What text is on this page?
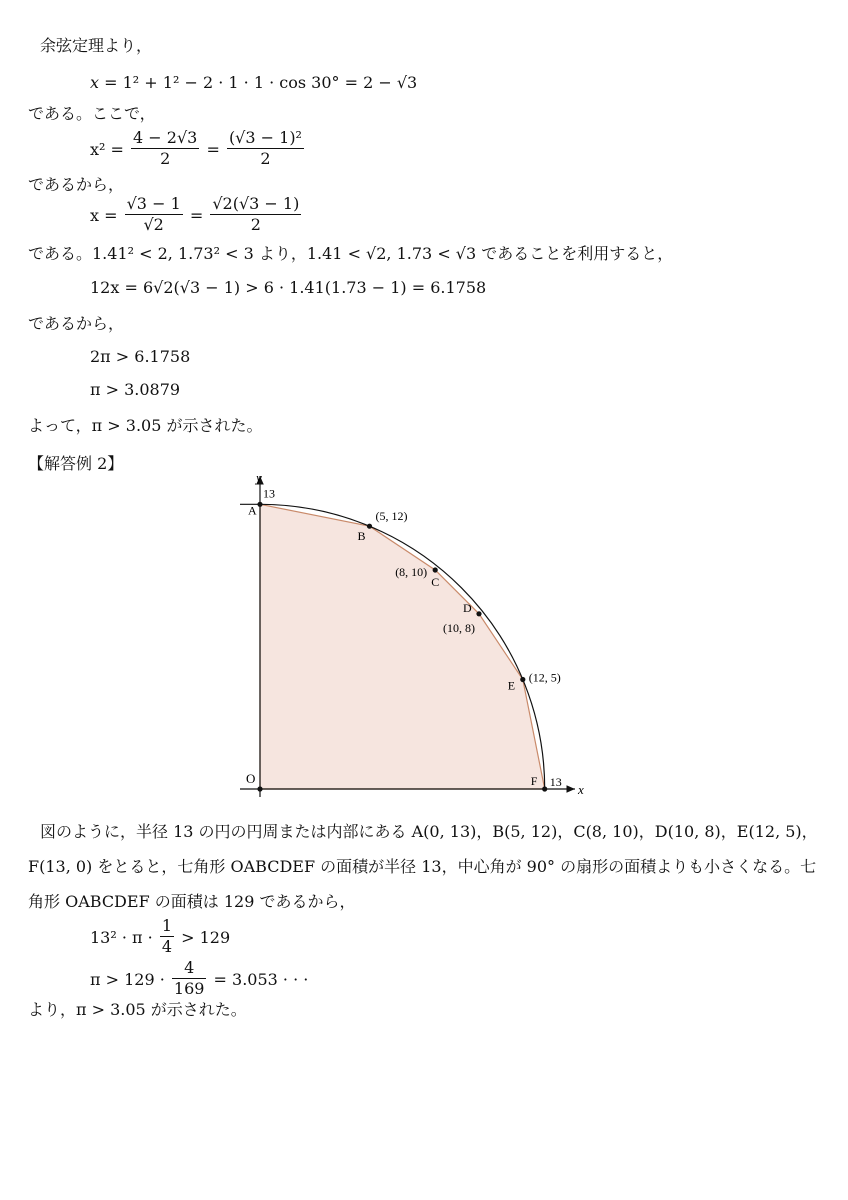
余弦定理より，
x = 1² + 1² − 2 · 1 · 1 · cos 30° = 2 − √3
である。ここで，
$x^2 = \frac{4 - 2√3}{2} = \frac{\text{(√3 − 1)²}}{2}$
であるから，
$x = \frac{√3 - 1}{√2} = \frac{√2(√3 - 1)}{2}$
である。1.41² < 2, 1.73² < 3 より，1.41 < √2, 1.73 < √3 であることを利用すると，
12x = 6√2(√3 − 1) > 6 · 1.41(1.73 − 1) = 6.1758
であるから，
2π > 6.1758
π > 3.0879
よって，π > 3.05 が示された。
【解答例 2】
x
y
O
13
13
A
B
(5, 12)
C
(8, 10)
D
(10, 8)
E
(12, 5)
F
図のように，半径 13 の円の円周または内部にある A(0, 13)，B(5, 12)，C(8, 10)，D(10, 8)，E(12, 5)，
F(13, 0) をとると，七角形 OABCDEF の面積が半径 13，中心角が 90° の扇形の面積よりも小さくなる。七
角形 OABCDEF の面積は 129 であるから，
$13^2 \cdot \pi \cdot \frac{1}{4} > 129$
$\pi > 129 \cdot \frac{4}{169} = 3.053$ · · ·
より，π > 3.05 が示された。
